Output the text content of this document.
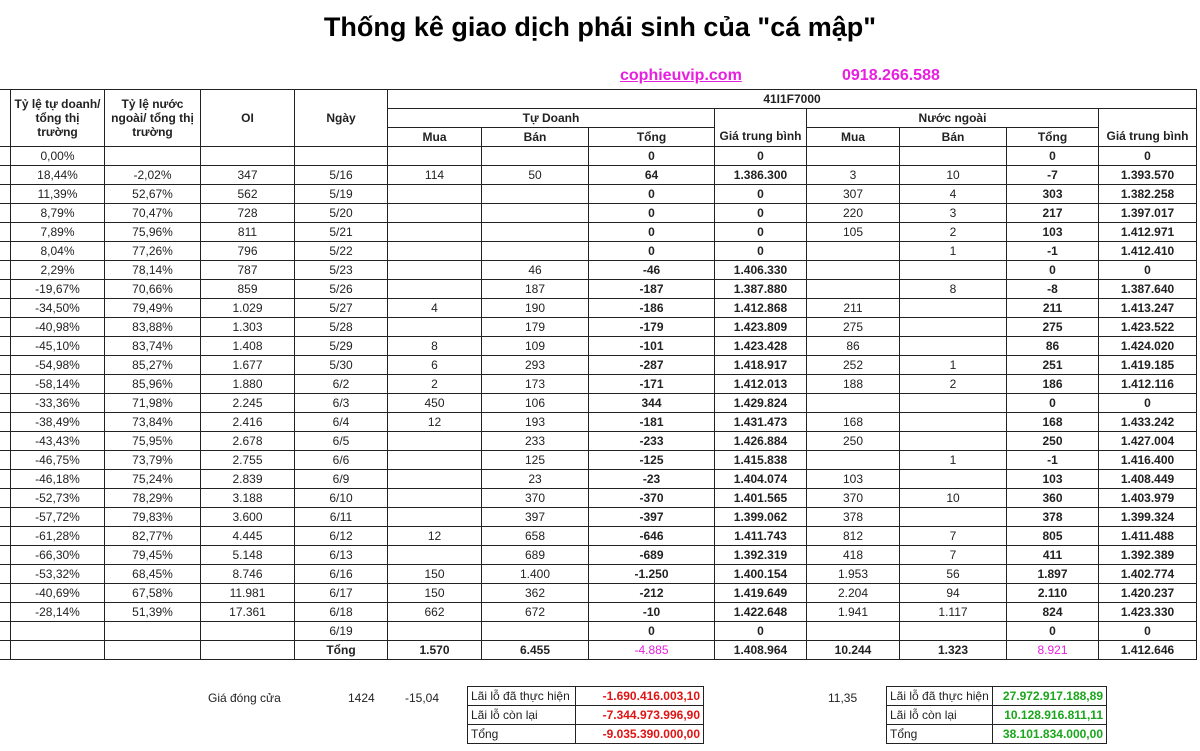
Thống kê giao dịch phái sinh của "cá mập"
cophieuvip.com	0918.266.588
	Tỷ lệ tự doanh/ tổng thị trường	Tỷ lệ nước ngoài/ tổng thị trường	OI	Ngày	41I1F7000							
					Tự Doanh				Nước ngoài			
					Mua	Bán	Tổng	Giá trung bình	Mua	Bán	Tổng	Giá trung bình
	0,00%						0	0			0	0
	18,44%	-2,02%	347	5/16	114	50	64	1.386.300	3	10	-7	1.393.570
	11,39%	52,67%	562	5/19			0	0	307	4	303	1.382.258
	8,79%	70,47%	728	5/20			0	0	220	3	217	1.397.017
	7,89%	75,96%	811	5/21			0	0	105	2	103	1.412.971
	8,04%	77,26%	796	5/22			0	0		1	-1	1.412.410
	2,29%	78,14%	787	5/23		46	-46	1.406.330			0	0
	-19,67%	70,66%	859	5/26		187	-187	1.387.880		8	-8	1.387.640
	-34,50%	79,49%	1.029	5/27	4	190	-186	1.412.868	211		211	1.413.247
	-40,98%	83,88%	1.303	5/28		179	-179	1.423.809	275		275	1.423.522
	-45,10%	83,74%	1.408	5/29	8	109	-101	1.423.428	86		86	1.424.020
	-54,98%	85,27%	1.677	5/30	6	293	-287	1.418.917	252	1	251	1.419.185
	-58,14%	85,96%	1.880	6/2	2	173	-171	1.412.013	188	2	186	1.412.116
	-33,36%	71,98%	2.245	6/3	450	106	344	1.429.824			0	0
	-38,49%	73,84%	2.416	6/4	12	193	-181	1.431.473	168		168	1.433.242
	-43,43%	75,95%	2.678	6/5		233	-233	1.426.884	250		250	1.427.004
	-46,75%	73,79%	2.755	6/6		125	-125	1.415.838		1	-1	1.416.400
	-46,18%	75,24%	2.839	6/9		23	-23	1.404.074	103		103	1.408.449
	-52,73%	78,29%	3.188	6/10		370	-370	1.401.565	370	10	360	1.403.979
	-57,72%	79,83%	3.600	6/11		397	-397	1.399.062	378		378	1.399.324
	-61,28%	82,77%	4.445	6/12	12	658	-646	1.411.743	812	7	805	1.411.488
	-66,30%	79,45%	5.148	6/13		689	-689	1.392.319	418	7	411	1.392.389
	-53,32%	68,45%	8.746	6/16	150	1.400	-1.250	1.400.154	1.953	56	1.897	1.402.774
	-40,69%	67,58%	11.981	6/17	150	362	-212	1.419.649	2.204	94	2.110	1.420.237
	-28,14%	51,39%	17.361	6/18	662	672	-10	1.422.648	1.941	1.117	824	1.423.330
				6/19			0	0			0	0
				Tổng	1.570	6.455	-4.885	1.408.964	10.244	1.323	8.921	1.412.646
Giá đóng cửa	1424	-15,04	11,35
Lãi lỗ đã thực hiện	-1.690.416.003,10
Lãi lỗ còn lại	-7.344.973.996,90
Tổng	-9.035.390.000,00
Lãi lỗ đã thực hiện	27.972.917.188,89
Lãi lỗ còn lại	10.128.916.811,11
Tổng	38.101.834.000,00
